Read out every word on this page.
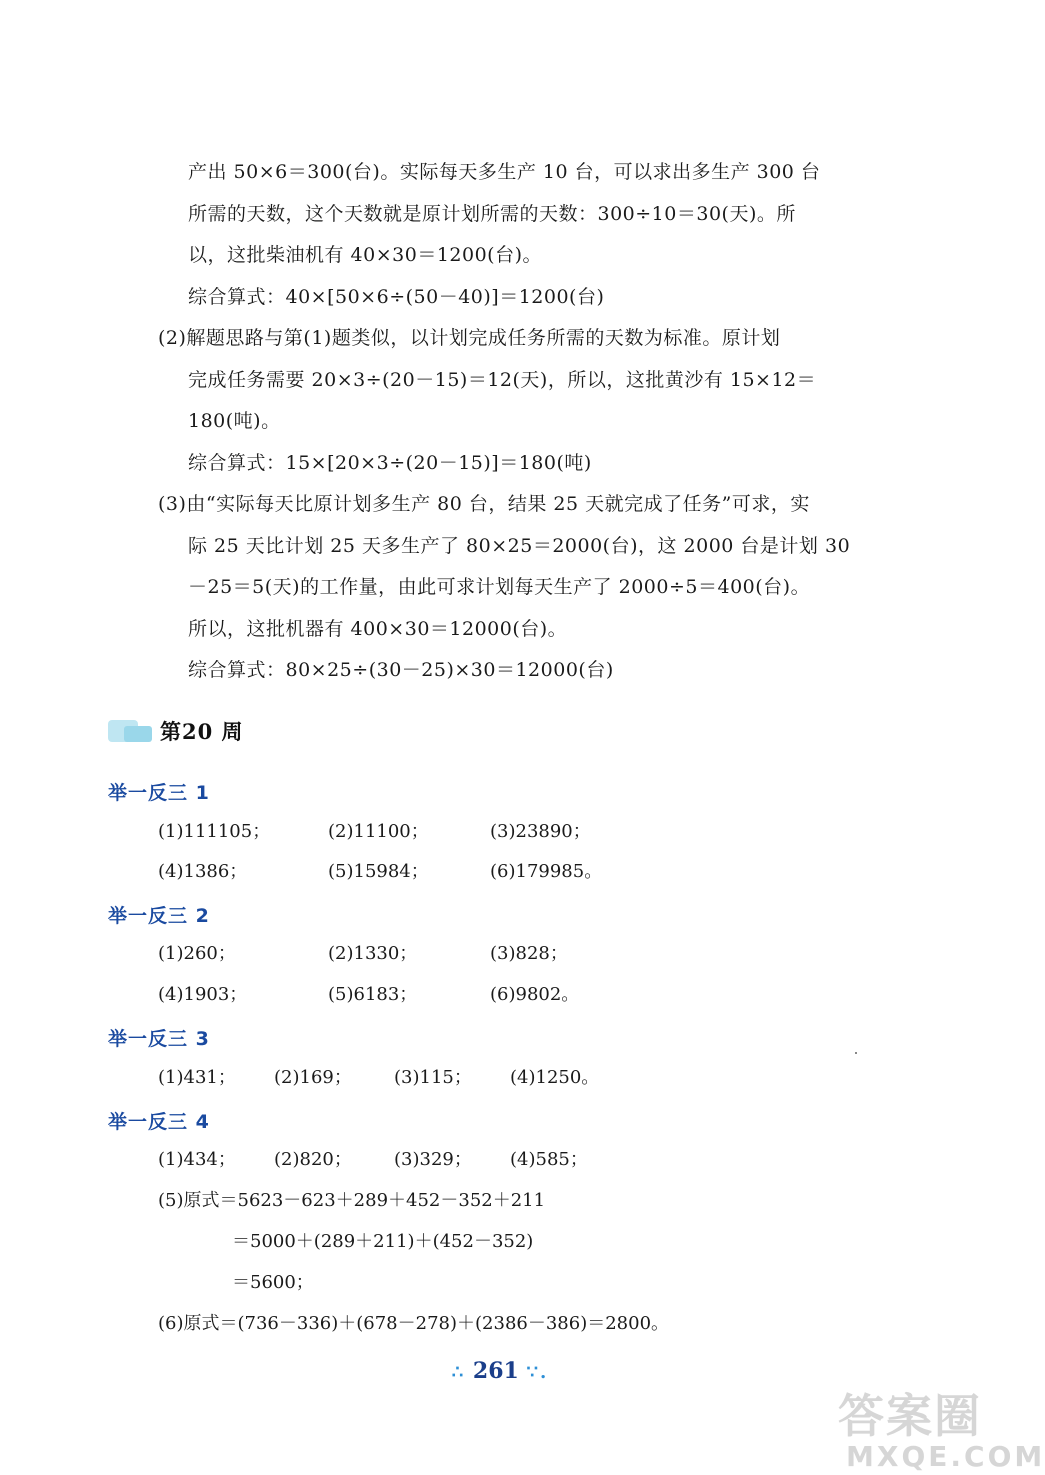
产出 50×6＝300(台)。实际每天多生产 10 台，可以求出多生产 300 台
所需的天数，这个天数就是原计划所需的天数：300÷10＝30(天)。所
以，这批柴油机有 40×30＝1200(台)。
综合算式：40×[50×6÷(50－40)]＝1200(台)
(2)解题思路与第(1)题类似，以计划完成任务所需的天数为标准。原计划
完成任务需要 20×3÷(20－15)＝12(天)，所以，这批黄沙有 15×12＝
180(吨)。
综合算式：15×[20×3÷(20－15)]＝180(吨)
(3)由“实际每天比原计划多生产 80 台，结果 25 天就完成了任务”可求，实
际 25 天比计划 25 天多生产了 80×25＝2000(台)，这 2000 台是计划 30
－25＝5(天)的工作量，由此可求计划每天生产了 2000÷5＝400(台)。
所以，这批机器有 400×30＝12000(台)。
综合算式：80×25÷(30－25)×30＝12000(台)
第20 周
举一反三 1
(1)111105；	(2)11100；	(3)23890；
(4)1386；	(5)15984；	(6)179985。
举一反三 2
(1)260；	(2)1330；	(3)828；
(4)1903；	(5)6183；	(6)9802。
举一反三 3
(1)431； (2)169； (3)115； (4)1250。
举一反三 4
(1)434； (2)820； (3)329； (4)585；
(5)原式＝5623－623＋289＋452－352＋211
＝5000＋(289＋211)＋(452－352)
＝5600；
(6)原式＝(736－336)＋(678－278)＋(2386－386)＝2800。
∴ 261 ∵.
答案圈
MXQE.COM
